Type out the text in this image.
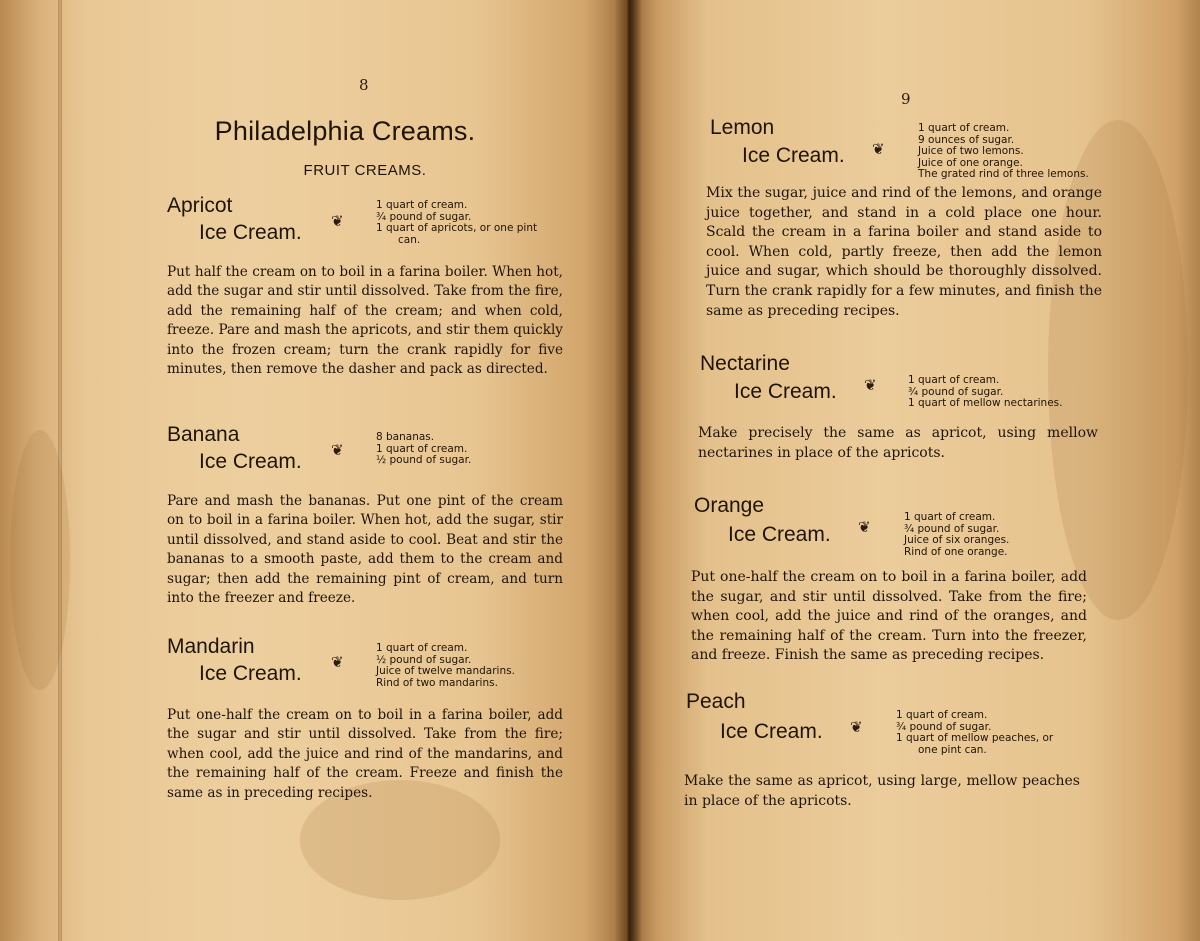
8
Philadelphia Creams.
FRUIT CREAMS.
Apricot
Ice Cream. ❦
1 quart of cream.
¾ pound of sugar.
1 quart of apricots, or one pint
can.

Put half the cream on to boil in a farina boiler. When hot, add the sugar and stir until dissolved. Take from the fire, add the remaining half of the cream; and when cold, freeze. Pare and mash the apricots, and stir them quickly into the frozen cream; turn the crank rapidly for five minutes, then remove the dasher and pack as directed.

Banana
Ice Cream. ❦
8 bananas.
1 quart of cream.
½ pound of sugar.

Pare and mash the bananas. Put one pint of the cream on to boil in a farina boiler. When hot, add the sugar, stir until dissolved, and stand aside to cool. Beat and stir the bananas to a smooth paste, add them to the cream and sugar; then add the remaining pint of cream, and turn into the freezer and freeze.

Mandarin
Ice Cream. ❦
1 quart of cream.
½ pound of sugar.
Juice of twelve mandarins.
Rind of two mandarins.

Put one-half the cream on to boil in a farina boiler, add the sugar and stir until dissolved. Take from the fire; when cool, add the juice and rind of the mandarins, and the remaining half of the cream. Freeze and finish the same as in preceding recipes.

9
Lemon
Ice Cream. ❦
1 quart of cream.
9 ounces of sugar.
Juice of two lemons.
Juice of one orange.
The grated rind of three lemons.

Mix the sugar, juice and rind of the lemons, and orange juice together, and stand in a cold place one hour. Scald the cream in a farina boiler and stand aside to cool. When cold, partly freeze, then add the lemon juice and sugar, which should be thoroughly dissolved. Turn the crank rapidly for a few minutes, and finish the same as preceding recipes.

Nectarine
Ice Cream. ❦	1 quart of cream.
¾ pound of sugar.
1 quart of mellow nectarines.

Make precisely the same as apricot, using mellow nectarines in place of the apricots.

Orange
Ice Cream. ❦
1 quart of cream.
¾ pound of sugar.
Juice of six oranges.
Rind of one orange.

Put one-half the cream on to boil in a farina boiler, add the sugar, and stir until dissolved. Take from the fire; when cool, add the juice and rind of the oranges, and the remaining half of the cream. Turn into the freezer, and freeze. Finish the same as preceding recipes.

Peach
Ice Cream. ❦
1 quart of cream.
¾ pound of sugar.
1 quart of mellow peaches, or
one pint can.

Make the same as apricot, using large, mellow peaches in place of the apricots.
